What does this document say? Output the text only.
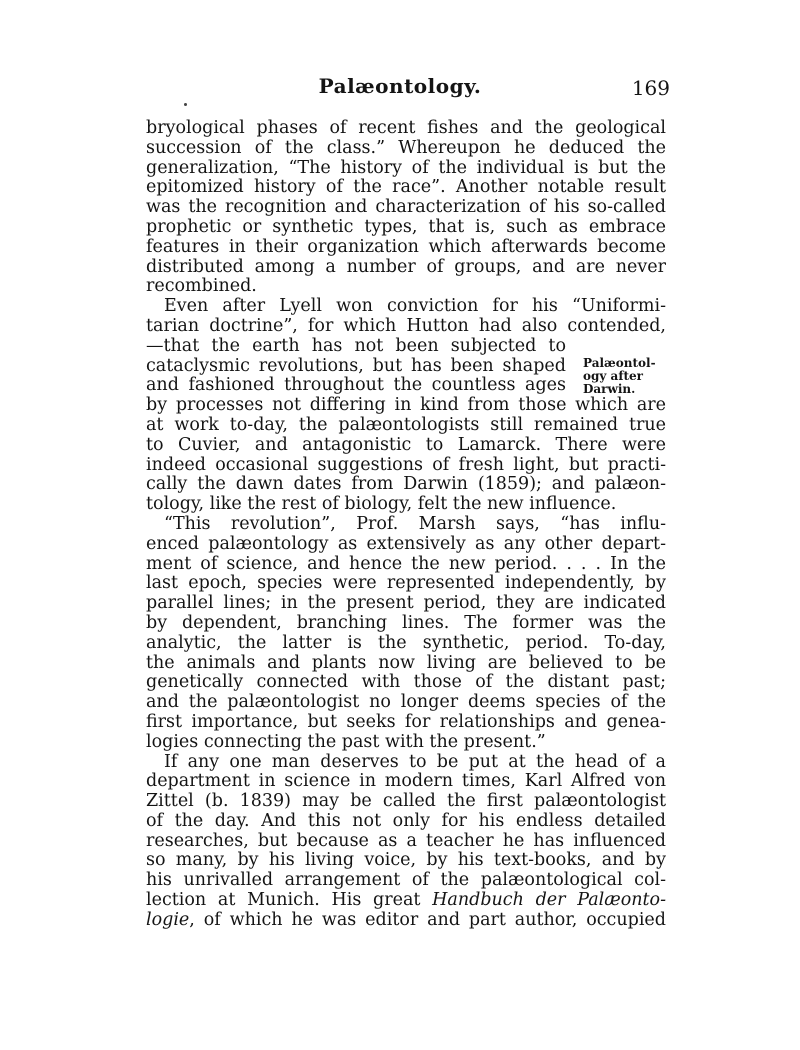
Palæontology.	169
Palæontol-
ogy after
Darwin.
bryological phases of recent fishes and the geological
succession of the class.” Whereupon he deduced the
generalization, “The history of the individual is but the
epitomized history of the race”. Another notable result
was the recognition and characterization of his so-called
prophetic or synthetic types, that is, such as embrace
features in their organization which afterwards become
distributed among a number of groups, and are never
recombined.
Even after Lyell won conviction for his “Uniformi-
tarian doctrine”, for which Hutton had also contended,
—that the earth has not been subjected to
cataclysmic revolutions, but has been shaped
and fashioned throughout the countless ages
by processes not differing in kind from those which are
at work to-day, the palæontologists still remained true
to Cuvier, and antagonistic to Lamarck. There were
indeed occasional suggestions of fresh light, but practi-
cally the dawn dates from Darwin (1859); and palæon-
tology, like the rest of biology, felt the new influence.
“This revolution”, Prof. Marsh says, “has influ-
enced palæontology as extensively as any other depart-
ment of science, and hence the new period. . . . In the
last epoch, species were represented independently, by
parallel lines; in the present period, they are indicated
by dependent, branching lines. The former was the
analytic, the latter is the synthetic, period. To-day,
the animals and plants now living are believed to be
genetically connected with those of the distant past;
and the palæontologist no longer deems species of the
first importance, but seeks for relationships and genea-
logies connecting the past with the present.”
If any one man deserves to be put at the head of a
department in science in modern times, Karl Alfred von
Zittel (b. 1839) may be called the first palæontologist
of the day. And this not only for his endless detailed
researches, but because as a teacher he has influenced
so many, by his living voice, by his text-books, and by
his unrivalled arrangement of the palæontological col-
lection at Munich. His great Handbuch der Palæonto-
logie, of which he was editor and part author, occupied
